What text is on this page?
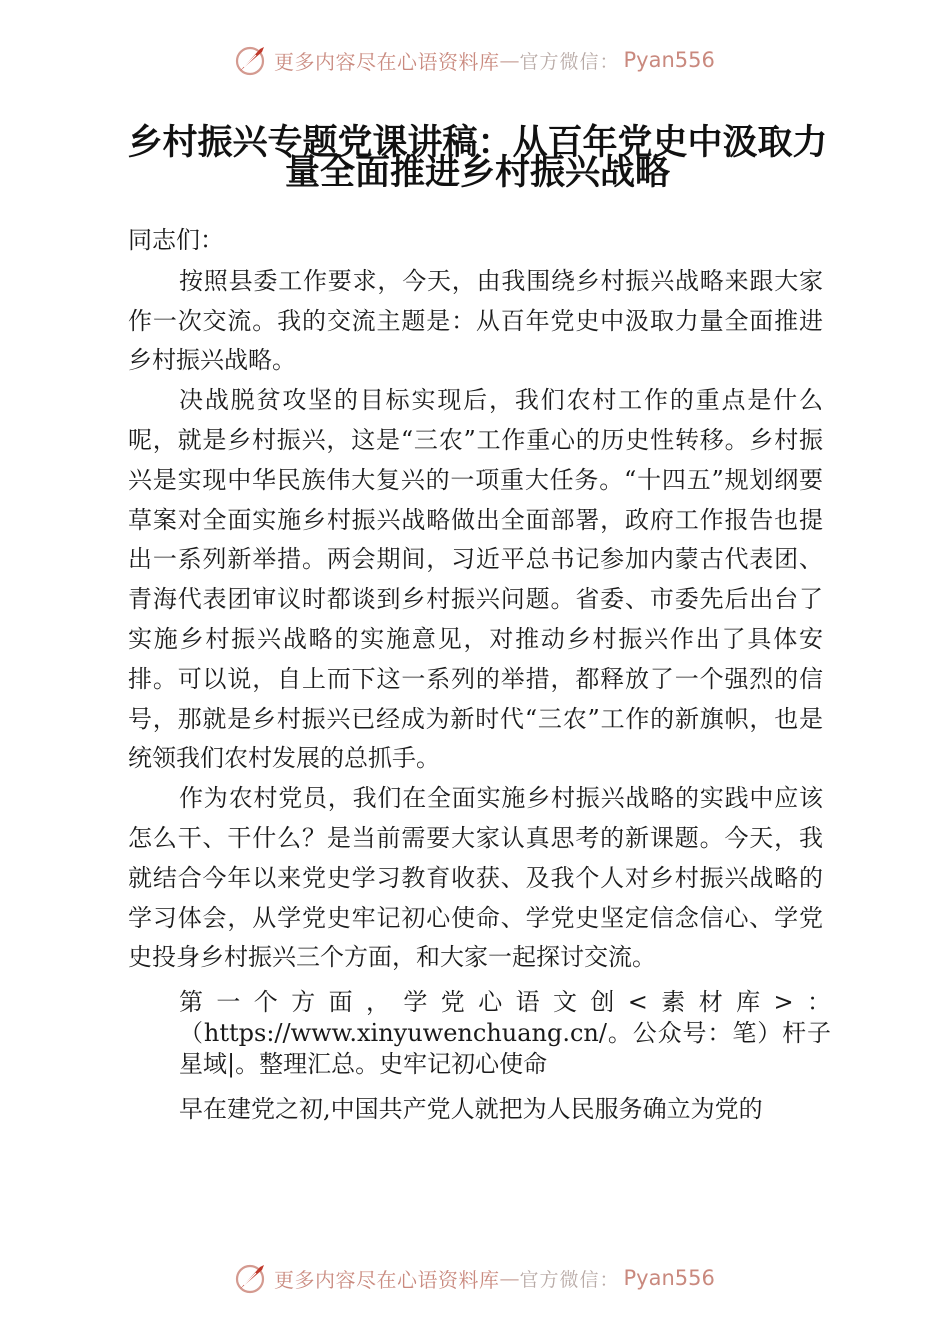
更多内容尽在心语资料库 — 官方微信： Pyan556
乡村振兴专题党课讲稿：从百年党史中汲取力量全面推进乡村振兴战略

同志们：

按照县委工作要求，今天，由我围绕乡村振兴战略来跟大家作一次交流。我的交流主题是：从百年党史中汲取力量全面推进乡村振兴战略。

决战脱贫攻坚的目标实现后，我们农村工作的重点是什么呢，就是乡村振兴，这是“三农”工作重心的历史性转移。乡村振兴是实现中华民族伟大复兴的一项重大任务。“十四五”规划纲要草案对全面实施乡村振兴战略做出全面部署，政府工作报告也提出一系列新举措。两会期间，习近平总书记参加内蒙古代表团、青海代表团审议时都谈到乡村振兴问题。省委、市委先后出台了实施乡村振兴战略的实施意见，对推动乡村振兴作出了具体安排。可以说，自上而下这一系列的举措，都释放了一个强烈的信号，那就是乡村振兴已经成为新时代“三农”工作的新旗帜，也是统领我们农村发展的总抓手。

作为农村党员，我们在全面实施乡村振兴战略的实践中应该怎么干、干什么？是当前需要大家认真思考的新课题。今天，我就结合今年以来党史学习教育收获、及我个人对乡村振兴战略的学习体会，从学党史牢记初心使命、学党史坚定信念信心、学党史投身乡村振兴三个方面，和大家一起探讨交流。

第一个方面，学党心语文创<素材库>：（https://www.xinyuwenchuang.cn/。公众号：笔）杆子星域|。整理汇总。史牢记初心使命

早在建党之初,中国共产党人就把为人民服务确立为党的

更多内容尽在心语资料库 — 官方微信： Pyan556
